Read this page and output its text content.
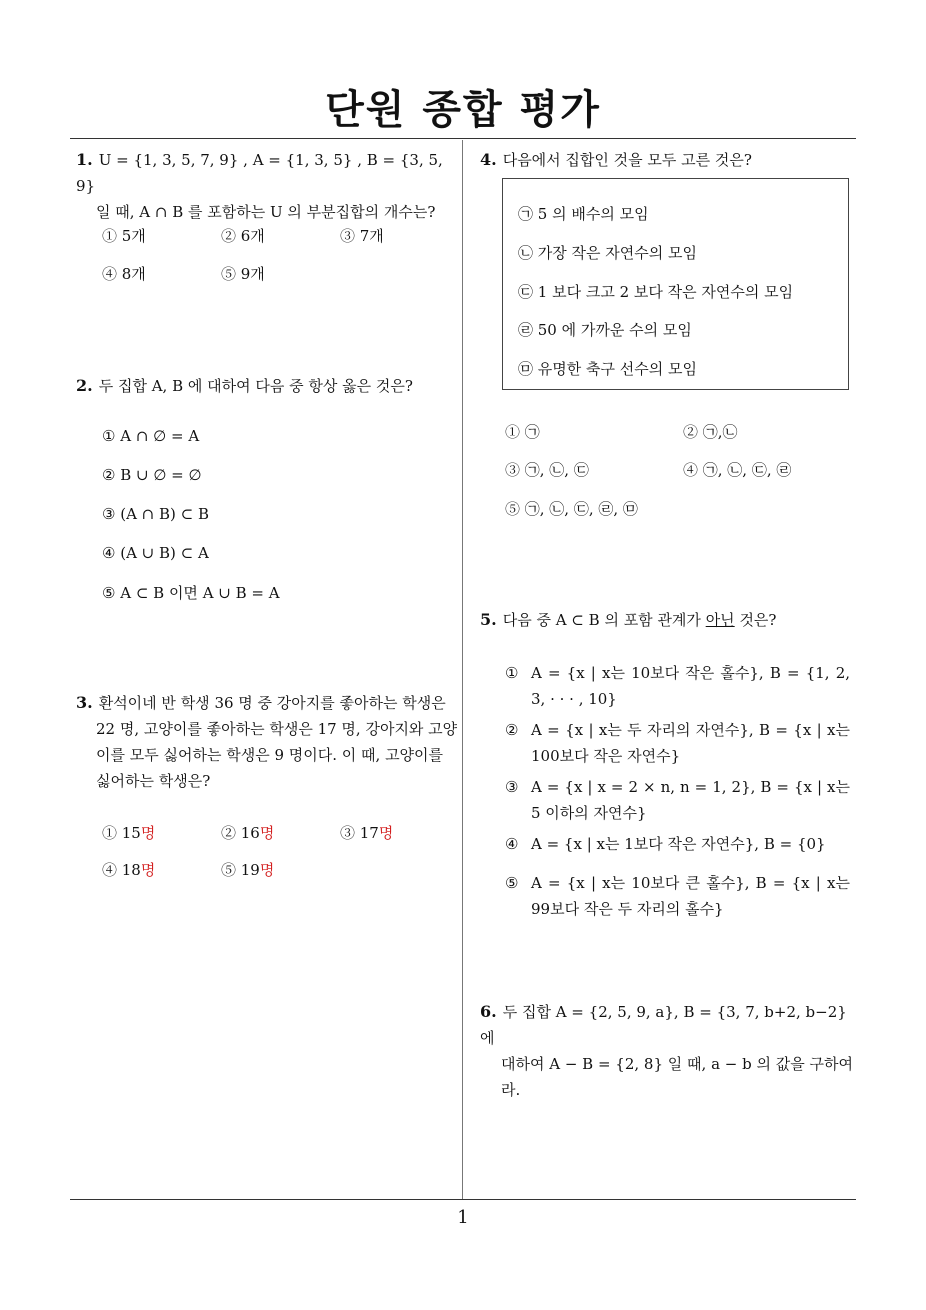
단원 종합 평가
1
1. U = {1, 3, 5, 7, 9} , A = {1, 3, 5} , B = {3, 5, 9}
일 때, A ∩ B 를 포함하는 U 의 부분집합의 개수는?
① 5개	② 6개	③ 7개
④ 8개	⑤ 9개
2. 두 집합 A, B 에 대하여 다음 중 항상 옳은 것은?
① A ∩ ∅ = A
② B ∪ ∅ = ∅
③ (A ∩ B) ⊂ B
④ (A ∪ B) ⊂ A
⑤ A ⊂ B 이면 A ∪ B = A
3. 환석이네 반 학생 36 명 중 강아지를 좋아하는 학생은
22 명, 고양이를 좋아하는 학생은 17 명, 강아지와 고양
이를 모두 싫어하는 학생은 9 명이다. 이 때, 고양이를
싫어하는 학생은?
① 15명	② 16명	③ 17명
④ 18명	⑤ 19명
4. 다음에서 집합인 것을 모두 고른 것은?
㉠ 5 의 배수의 모임
㉡ 가장 작은 자연수의 모임
㉢ 1 보다 크고 2 보다 작은 자연수의 모임
㉣ 50 에 가까운 수의 모임
㉤ 유명한 축구 선수의 모임
① ㉠	② ㉠,㉡
③ ㉠, ㉡, ㉢	④ ㉠, ㉡, ㉢, ㉣
⑤ ㉠, ㉡, ㉢, ㉣, ㉤
5. 다음 중 A ⊂ B 의 포함 관계가 아닌 것은?
① A = {x | x는 10보다 작은 홀수}, B = {1, 2, 3, · · · , 10}
② A = {x | x는 두 자리의 자연수}, B = {x | x는 100보다 작은 자연수}
③ A = {x | x = 2 × n, n = 1, 2}, B = {x | x는 5 이하의 자연수}
④ A = {x | x는 1보다 작은 자연수}, B = {0}
⑤ A = {x | x는 10보다 큰 홀수}, B = {x | x는 99보다 작은 두 자리의 홀수}
6. 두 집합 A = {2, 5, 9, a}, B = {3, 7, b+2, b−2} 에
대하여 A − B = {2, 8} 일 때, a − b 의 값을 구하여라.
